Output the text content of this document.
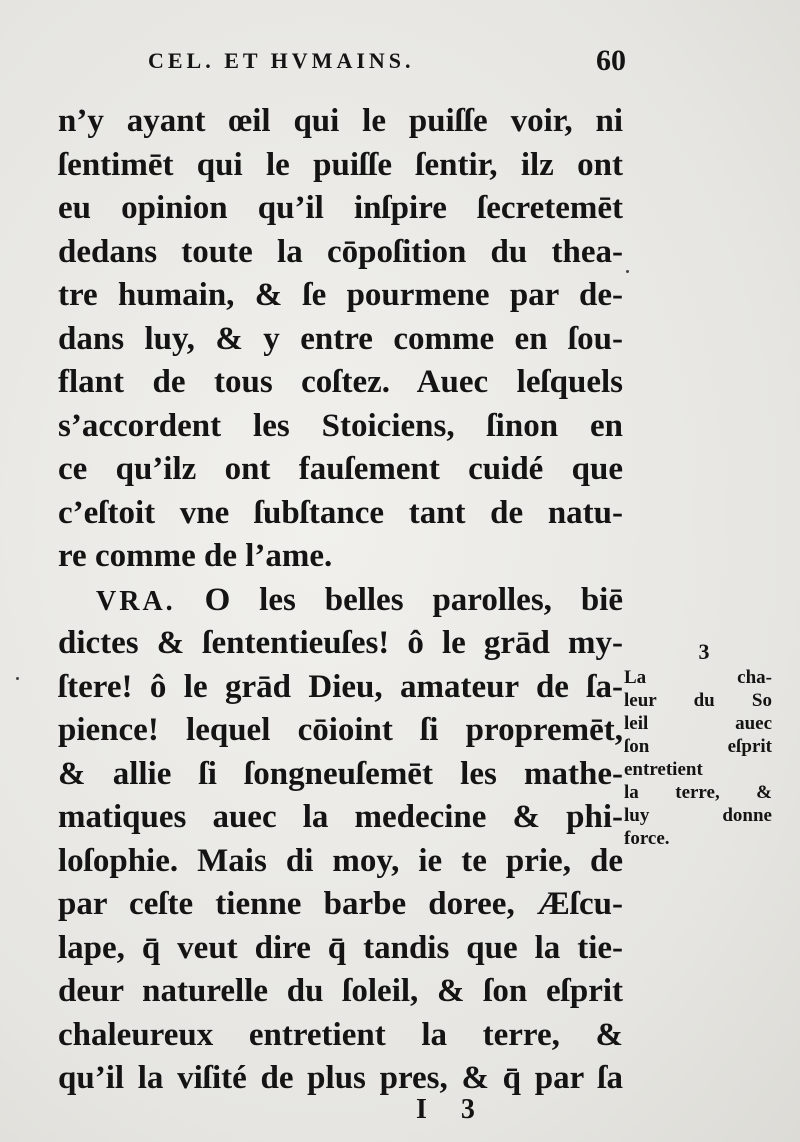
CEL. ET HVMAINS.	60
n’y ayant œil qui le puiſſe voir, ni
ſentimēt qui le puiſſe ſentir, ilz ont
eu opinion qu’il inſpire ſecretemēt
dedans toute la cōpoſition du thea-
tre humain, & ſe pourmene par de-
dans luy, & y entre comme en ſou-
flant de tous coſtez. Auec leſquels
s’accordent les Stoiciens, ſinon en
ce qu’ilz ont fauſement cuidé que
c’eſtoit vne ſubſtance tant de natu-
re comme de l’ame.
VRA. O les belles parolles, biē
dictes & ſententieuſes! ô le grād my-
ſtere! ô le grād Dieu, amateur de ſa-
pience! lequel cōioint ſi propremēt,
& allie ſi ſongneuſemēt les mathe-
matiques auec la medecine & phi-
loſophie. Mais di moy, ie te prie, de
par ceſte tienne barbe doree, Æſcu-
lape, q̄ veut dire q̄ tandis que la tie-
deur naturelle du ſoleil, & ſon eſprit
chaleureux entretient la terre, &
qu’il la viſité de plus pres, & q̄ par ſa
3
La cha-
leur du So
leil auec
ſon eſprit
entretient
la terre, &
luy donne
force.
I 3
